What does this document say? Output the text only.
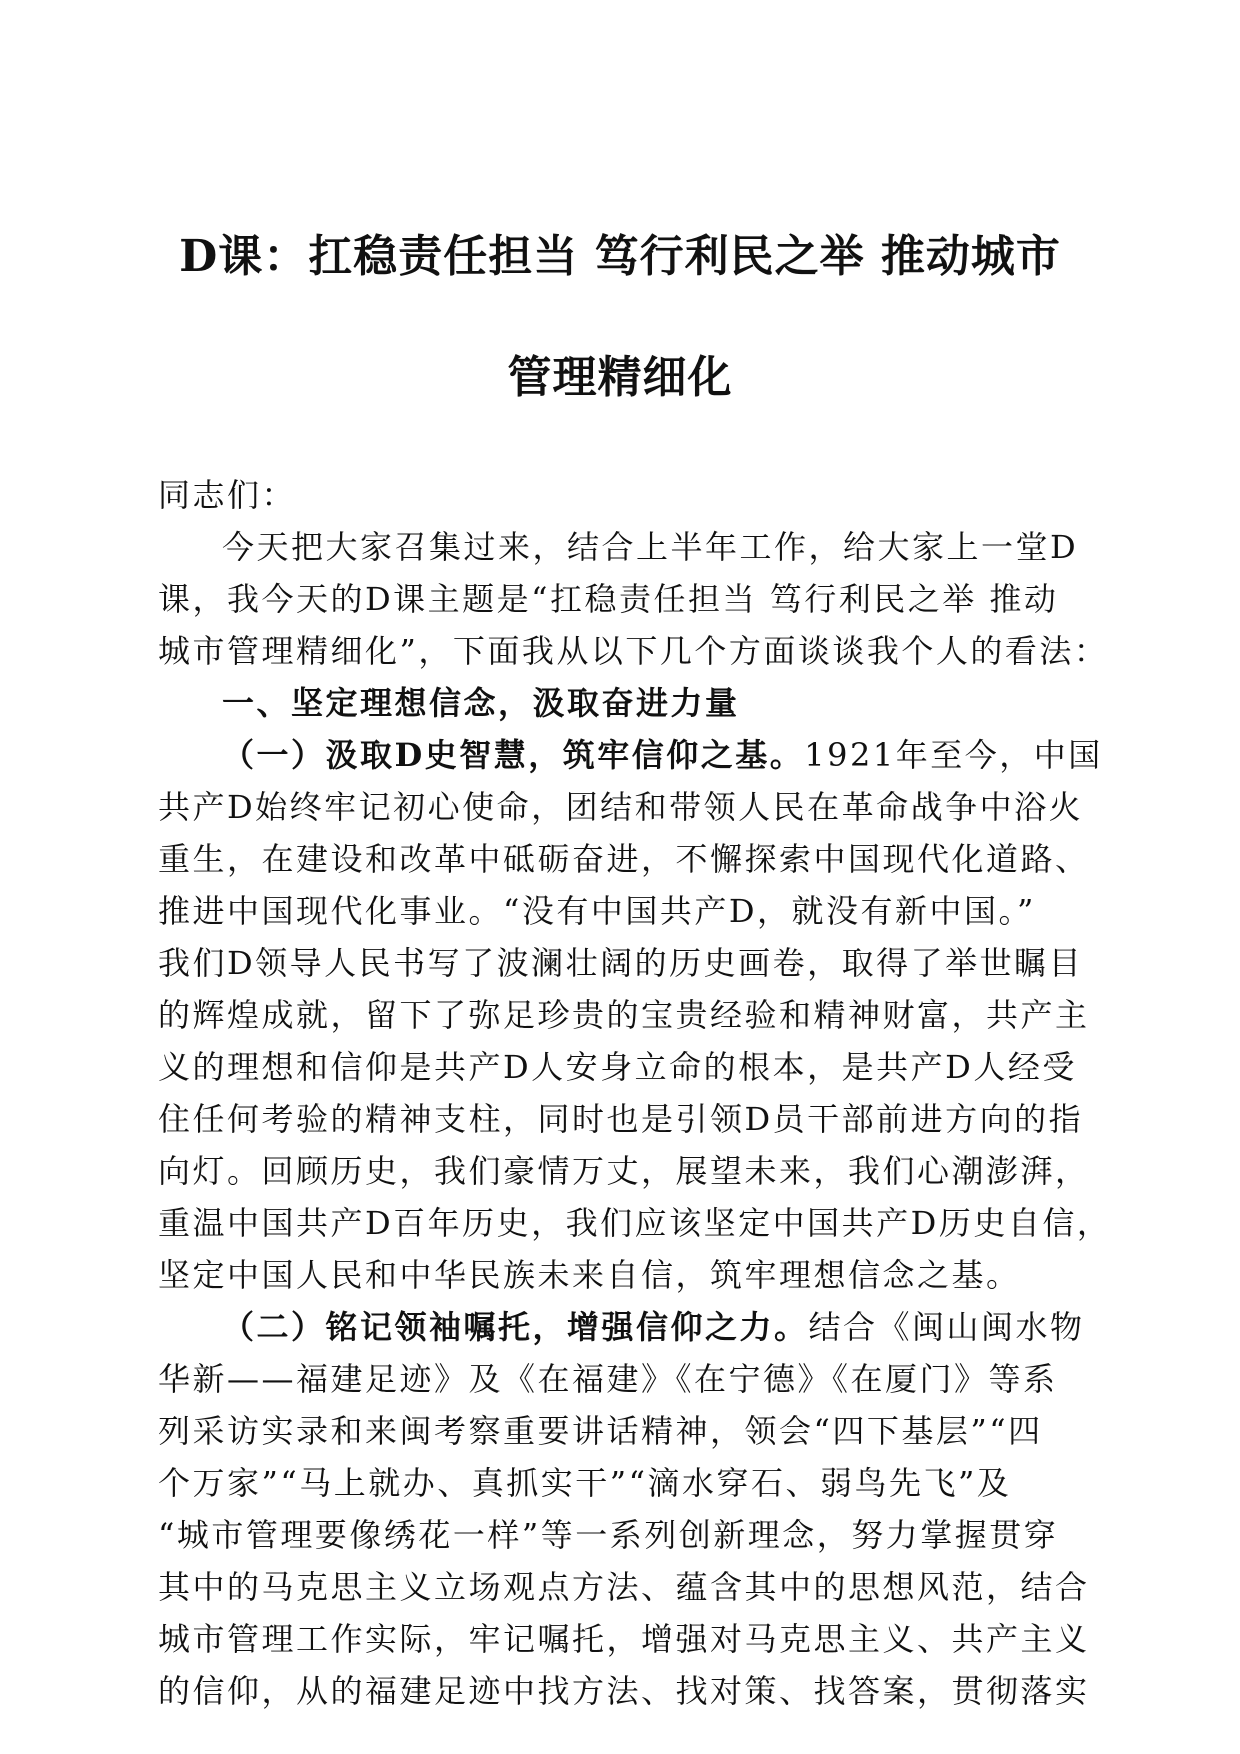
D课：扛稳责任担当 笃行利民之举 推动城市
管理精细化
同志们：
今天把大家召集过来，结合上半年工作，给大家上一堂D
课，我今天的D课主题是“扛稳责任担当 笃行利民之举 推动
城市管理精细化”，下面我从以下几个方面谈谈我个人的看法：
一、坚定理想信念，汲取奋进力量
（一）汲取D史智慧，筑牢信仰之基。1921年至今，中国
共产D始终牢记初心使命，团结和带领人民在革命战争中浴火
重生，在建设和改革中砥砺奋进，不懈探索中国现代化道路、
推进中国现代化事业。“没有中国共产D，就没有新中国。”
我们D领导人民书写了波澜壮阔的历史画卷，取得了举世瞩目
的辉煌成就，留下了弥足珍贵的宝贵经验和精神财富，共产主
义的理想和信仰是共产D人安身立命的根本，是共产D人经受
住任何考验的精神支柱，同时也是引领D员干部前进方向的指
向灯。回顾历史，我们豪情万丈，展望未来，我们心潮澎湃，
重温中国共产D百年历史，我们应该坚定中国共产D历史自信，
坚定中国人民和中华民族未来自信，筑牢理想信念之基。
（二）铭记领袖嘱托，增强信仰之力。结合《闽山闽水物
华新——福建足迹》及《在福建》《在宁德》《在厦门》等系
列采访实录和来闽考察重要讲话精神，领会“四下基层”“四
个万家”“马上就办、真抓实干”“滴水穿石、弱鸟先飞”及
“城市管理要像绣花一样”等一系列创新理念，努力掌握贯穿
其中的马克思主义立场观点方法、蕴含其中的思想风范，结合
城市管理工作实际，牢记嘱托，增强对马克思主义、共产主义
的信仰，从的福建足迹中找方法、找对策、找答案，贯彻落实
